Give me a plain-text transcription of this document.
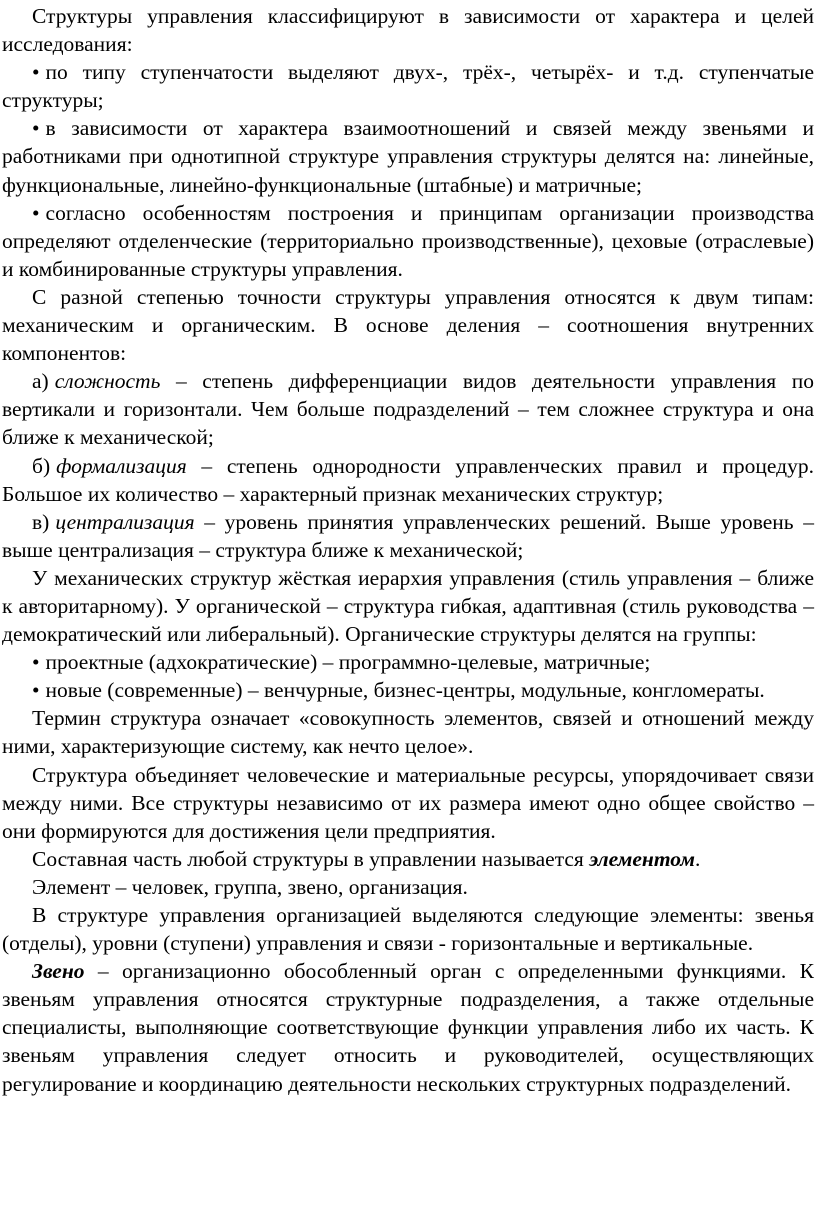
Структуры управления классифицируют в зависимости от характера и целей исследования:

• по типу ступенчатости выделяют двух-, трёх-, четырёх- и т.д. ступенчатые структуры;

• в зависимости от характера взаимоотношений и связей между звеньями и работниками при однотипной структуре управления структуры делятся на: линейные, функциональные, линейно-функциональные (штабные) и матричные;

• согласно особенностям построения и принципам организации производства определяют отделенческие (территориально производственные), цеховые (отраслевые) и комбинированные структуры управления.

С разной степенью точности структуры управления относятся к двум типам: механическим и органическим. В основе деления – соотношения внутренних компонентов:

а) сложность – степень дифференциации видов деятельности управления по вертикали и горизонтали. Чем больше подразделений – тем сложнее структура и она ближе к механической;

б) формализация – степень однородности управленческих правил и процедур. Большое их количество – характерный признак механических структур;

в) централизация – уровень принятия управленческих решений. Выше уровень – выше централизация – структура ближе к механической;

У механических структур жёсткая иерархия управления (стиль управления – ближе к авторитарному). У органической – структура гибкая, адаптивная (стиль руководства – демократический или либеральный). Органические структуры делятся на группы:

• проектные (адхократические) – программно-целевые, матричные;

• новые (современные) – венчурные, бизнес-центры, модульные, конгломераты.

Термин структура означает «совокупность элементов, связей и отношений между ними, характеризующие систему, как нечто целое».

Структура объединяет человеческие и материальные ресурсы, упорядочивает связи между ними. Все структуры независимо от их размера имеют одно общее свойство – они формируются для достижения цели предприятия.

Составная часть любой структуры в управлении называется элементом.

Элемент – человек, группа, звено, организация.

В структуре управления организацией выделяются следующие элементы: звенья (отделы), уровни (ступени) управления и связи - горизонтальные и вертикальные.

Звено – организационно обособленный орган с определенными функциями. К звеньям управления относятся структурные подразделения, а также отдельные специалисты, выполняющие соответствующие функции управления либо их часть. К звеньям управления следует относить и руководителей, осуществляющих регулирование и координацию деятельности нескольких структурных подразделений.
